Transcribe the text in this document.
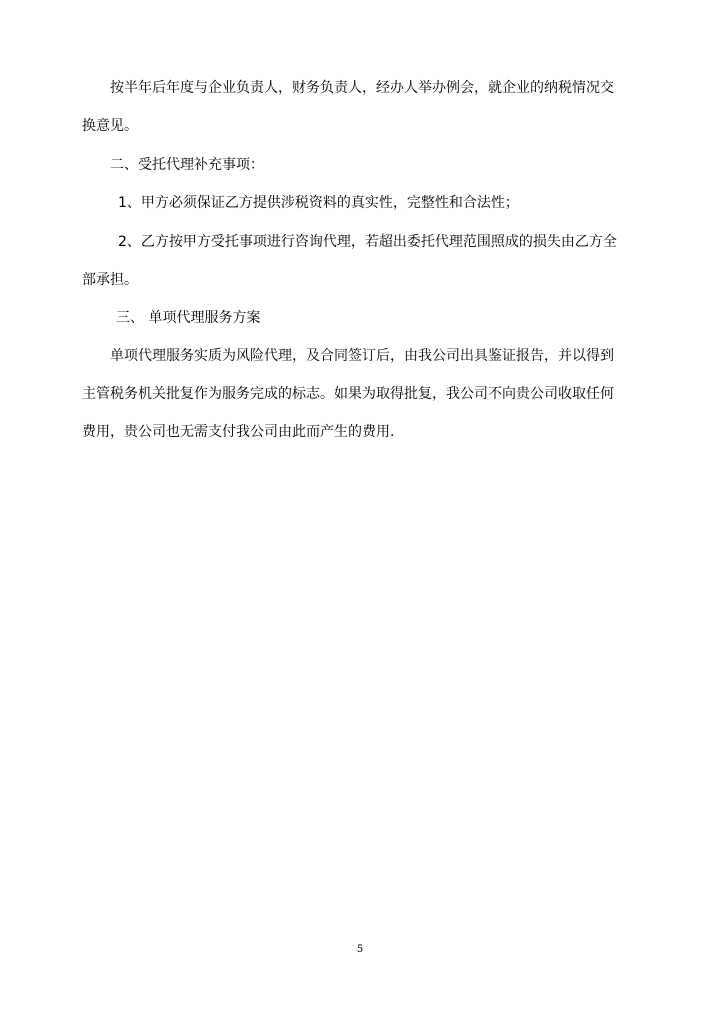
按半年后年度与企业负责人，财务负责人，经办人举办例会，就企业的纳税情况交
换意见。
二、受托代理补充事项：
1、甲方必须保证乙方提供涉税资料的真实性，完整性和合法性；
2、乙方按甲方受托事项进行咨询代理，若超出委托代理范围照成的损失由乙方全
部承担。
三、 单项代理服务方案
单项代理服务实质为风险代理，及合同签订后，由我公司出具鉴证报告，并以得到
主管税务机关批复作为服务完成的标志。如果为取得批复，我公司不向贵公司收取任何
费用，贵公司也无需支付我公司由此而产生的费用.
5
